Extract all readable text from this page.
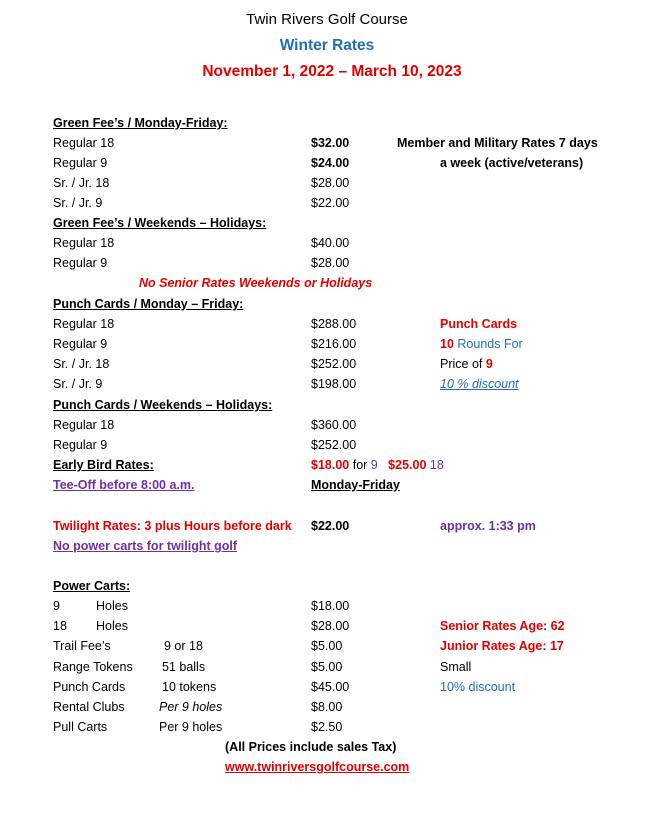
Twin Rivers Golf Course
Winter Rates
November 1, 2022 – March 10, 2023
Green Fee’s / Monday-Friday:
Regular 18	$32.00	Member and Military Rates 7 days
Regular 9	$24.00	a week (active/veterans)
Sr. / Jr. 18	$28.00
Sr. / Jr. 9	$22.00
Green Fee’s / Weekends – Holidays:
Regular 18	$40.00
Regular 9	$28.00
No Senior Rates Weekends or Holidays
Punch Cards / Monday – Friday:
Regular 18	$288.00	Punch Cards
Regular 9	$216.00	10 Rounds For
Sr. / Jr. 18	$252.00	Price of 9
Sr. / Jr. 9	$198.00	10 % discount
Punch Cards / Weekends – Holidays:
Regular 18	$360.00
Regular 9	$252.00
Early Bird Rates:	$18.00 for 9 $25.00 18
Tee-Off before 8:00 a.m.	Monday-Friday
Twilight Rates: 3 plus Hours before dark $22.00	approx. 1:33 pm
No power carts for twilight golf
Power Carts:
9	Holes	$18.00
18 Holes	$28.00	Senior Rates Age: 62
Trail Fee’s	9 or 18	$5.00	Junior Rates Age: 17
Range Tokens 51 balls	$5.00	Small
Punch Cards	10 tokens	$45.00	10% discount
Rental Clubs	Per 9 holes	$8.00
Pull Carts	Per 9 holes	$2.50
(All Prices include sales Tax)
www.twinriversgolfcourse.com
